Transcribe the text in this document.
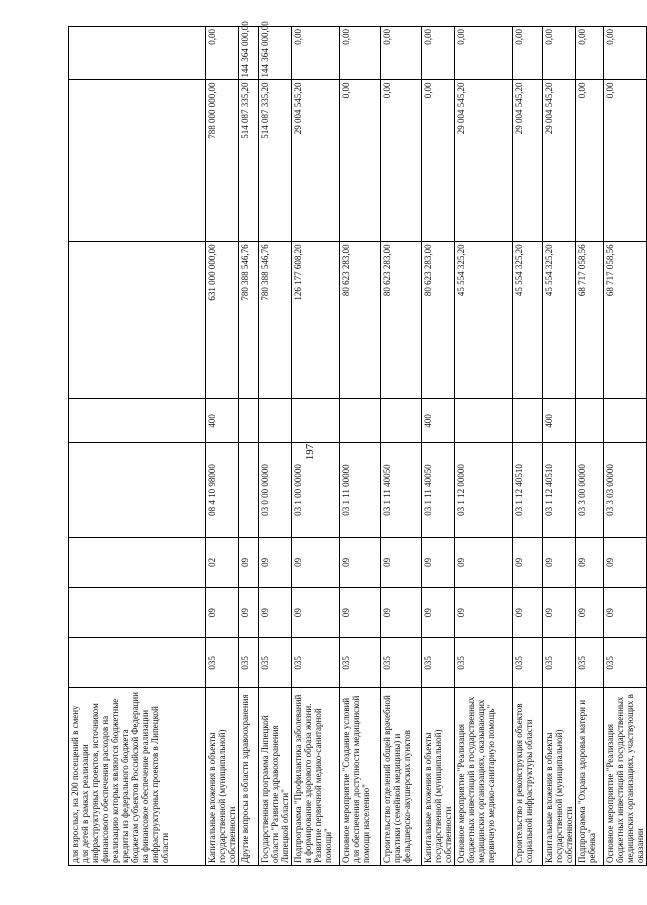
197
для взрослых, на 200 посещений в смену для детей в рамках реализации инфраструктурных проектов, источником финансового обеспечения расходов на реализацию которых являются бюджетные кредиты из федерального бюджета бюджетам субъектов Российской Федерации на финансовое обеспечение реализации инфраструктурных проектов в Липецкой области								
Капитальные вложения в объекты государственной (муниципальной) собственности	035	09	02	08 4 10 98000	400	631 000 000,00	788 000 000,00	0,00
Другие вопросы в области здравоохранения	035	09	09			780 388 546,76	514 087 335,20	144 364 000,00
Государственная программа Липецкой области "Развитие здравоохранения Липецкой области"	035	09	09	03 0 00 00000		780 388 546,76	514 087 335,20	144 364 000,00
Подпрограмма "Профилактика заболеваний и формирование здорового образа жизни. Развитие первичной медико-санитарной помощи"	035	09	09	03 1 00 00000		126 177 608,20	29 004 545,20	0,00
Основное мероприятие "Создание условий для обеспечения доступности медицинской помощи населению"	035	09	09	03 1 11 00000		80 623 283,00	0,00	0,00
Строительство отделений общей врачебной практики (семейной медицины) и фельдшерско-акушерских пунктов	035	09	09	03 1 11 40050		80 623 283,00	0,00	0,00
Капитальные вложения в объекты государственной (муниципальной) собственности	035	09	09	03 1 11 40050	400	80 623 283,00	0,00	0,00
Основное мероприятие "Реализация бюджетных инвестиций в государственных медицинских организациях, оказывающих первичную медико-санитарную помощь"	035	09	09	03 1 12 00000		45 554 325,20	29 004 545,20	0,00
Строительство и реконструкция объектов социальной инфраструктуры области	035	09	09	03 1 12 40510		45 554 325,20	29 004 545,20	0,00
Капитальные вложения в объекты государственной (муниципальной) собственности	035	09	09	03 1 12 40510	400	45 554 325,20	29 004 545,20	0,00
Подпрограмма "Охрана здоровья матери и ребенка"	035	09	09	03 3 00 00000		68 717 058,56	0,00	0,00
Основное мероприятие "Реализация бюджетных инвестиций в государственных медицинских организациях, участвующих в оказании	035	09	09	03 3 03 00000		68 717 058,56	0,00	0,00
